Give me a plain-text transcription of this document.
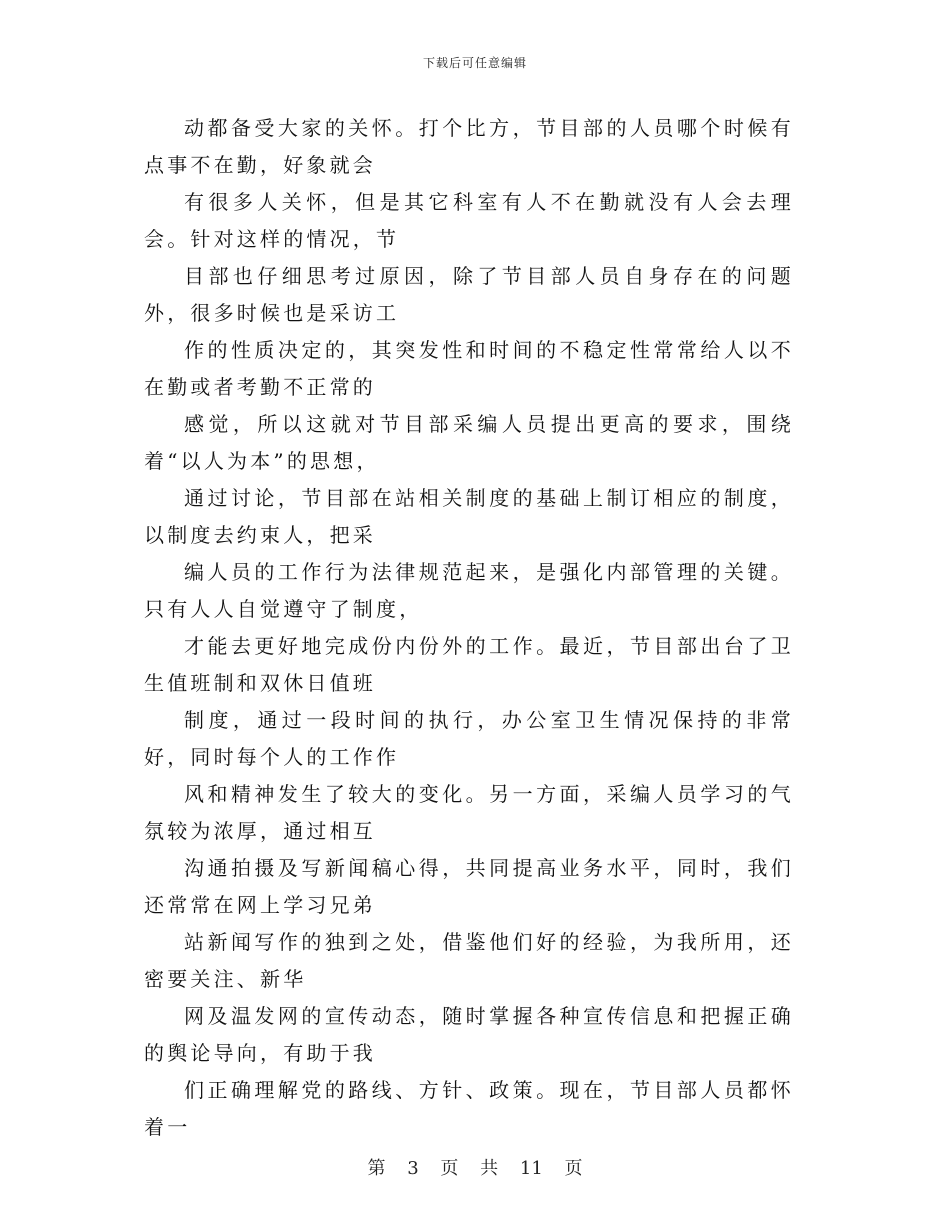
下载后可任意编辑

动都备受大家的关怀。打个比方，节目部的人员哪个时候有点事不在勤，好象就会

有很多人关怀，但是其它科室有人不在勤就没有人会去理会。针对这样的情况，节

目部也仔细思考过原因，除了节目部人员自身存在的问题外，很多时候也是采访工

作的性质决定的，其突发性和时间的不稳定性常常给人以不在勤或者考勤不正常的

感觉，所以这就对节目部采编人员提出更高的要求，围绕着“以人为本”的思想，

通过讨论，节目部在站相关制度的基础上制订相应的制度，以制度去约束人，把采

编人员的工作行为法律规范起来，是强化内部管理的关键。只有人人自觉遵守了制度，

才能去更好地完成份内份外的工作。最近，节目部出台了卫生值班制和双休日值班

制度，通过一段时间的执行，办公室卫生情况保持的非常好，同时每个人的工作作

风和精神发生了较大的变化。另一方面，采编人员学习的气氛较为浓厚，通过相互

沟通拍摄及写新闻稿心得，共同提高业务水平，同时，我们还常常在网上学习兄弟

站新闻写作的独到之处，借鉴他们好的经验，为我所用，还密要关注、新华

网及温发网的宣传动态，随时掌握各种宣传信息和把握正确的舆论导向，有助于我

们正确理解党的路线、方针、政策。现在，节目部人员都怀着一

第 3 页 共 11 页
